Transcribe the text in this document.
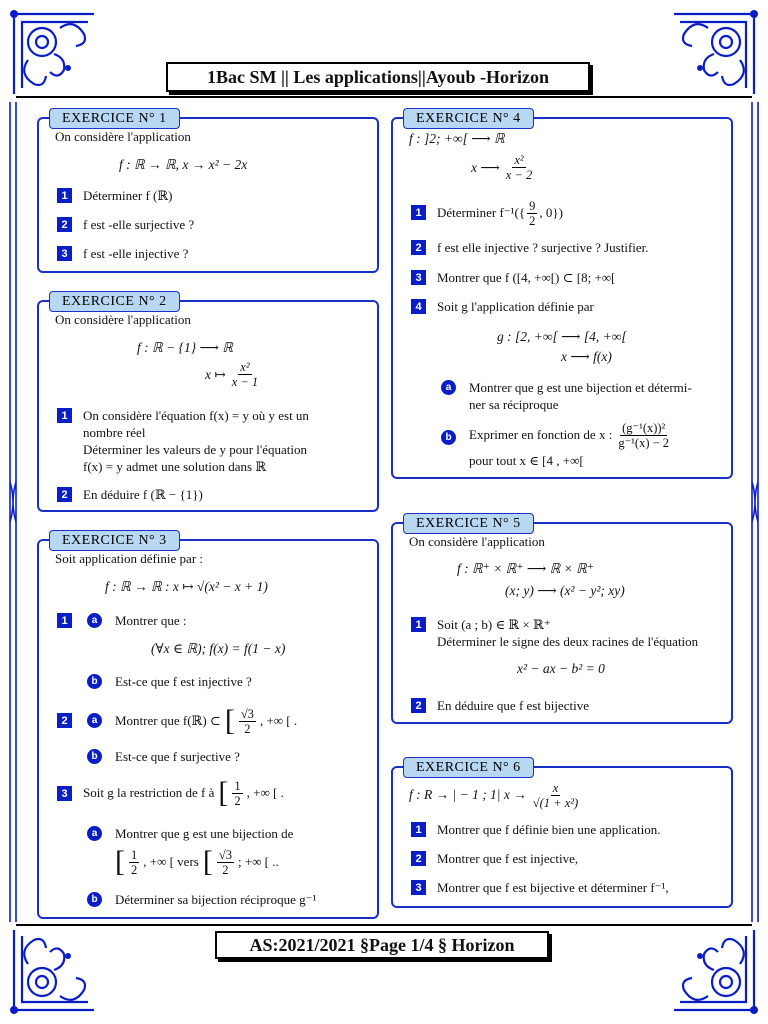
1Bac SM || Les applications||Ayoub -Horizon
AS:2021/2021 §Page 1/4 § Horizon
EXERCICE N° 1
On considère l'application
f : ℝ → ℝ, x → x² − 2x
1	Déterminer f (ℝ)
2	f est -elle surjective ?
3	f est -elle injective ?
EXERCICE N° 2
On considère l'application
f : ℝ − {1} ⟶ ℝ
x ↦ $\frac{\text{x²}}{x - 1}$
1	On considère l'équation f(x) = y où y est un
nombre réel
Déterminer les valeurs de y pour l'équation
f(x) = y admet une solution dans ℝ
2	En déduire f (ℝ − {1})
EXERCICE N° 3
Soit application définie par :
f : ℝ → ℝ : x ↦ √(x² − x + 1)
1	a	Montrer que :
(∀x ∈ ℝ); f(x) = f(1 − x)
b	Est-ce que f est injective ?
2	a	Montrer que f(ℝ) ⊂ [ $\frac{√3}{2}$ , +∞ [ .
b	Est-ce que f surjective ?
3	Soit g la restriction de f à [ $\frac{1}{2}$ , +∞ [ .
a	Montrer que g est une bijection de
[ $\frac{1}{2}$ , +∞ [ vers [ $\frac{√3}{2}$ ; +∞ [ ..
b	Déterminer sa bijection réciproque g⁻¹
EXERCICE N° 4
f : ]2; +∞[ ⟶ ℝ
x ⟶ $\frac{\text{x²}}{x - 2}$
1	Déterminer $f^{-1}(\{ \frac{9}{2}$ , 0})
2	f est elle injective ? surjective ? Justifier.
3	Montrer que f ([4, +∞[) ⊂ [8; +∞[
4	Soit g l'application définie par
g : [2, +∞[ ⟶ [4, +∞[
x ⟶ f(x)
a	Montrer que g est une bijection et détermi-
ner sa réciproque
b	Exprimer en fonction de x : $\frac{\text{(g⁻¹(x))²}}{\text{g⁻¹(x) − 2}}$
pour tout x ∈ [4 , +∞[
EXERCICE N° 5
On considère l'application
f : ℝ⁺ × ℝ⁺ ⟶ ℝ × ℝ⁺
(x; y) ⟶ (x² − y²; xy)
1	Soit (a ; b) ∈ ℝ × ℝ⁺
Déterminer le signe des deux racines de l'équation
x² − ax − b² = 0
2	En déduire que f est bijective
EXERCICE N° 6
f : R → | − 1 ; 1| $x \to \frac{x}{\text{√(1 + x²)}}$
1	Montrer que f définie bien une application.
2	Montrer que f est injective,
3	Montrer que f est bijective et déterminer f⁻¹,
